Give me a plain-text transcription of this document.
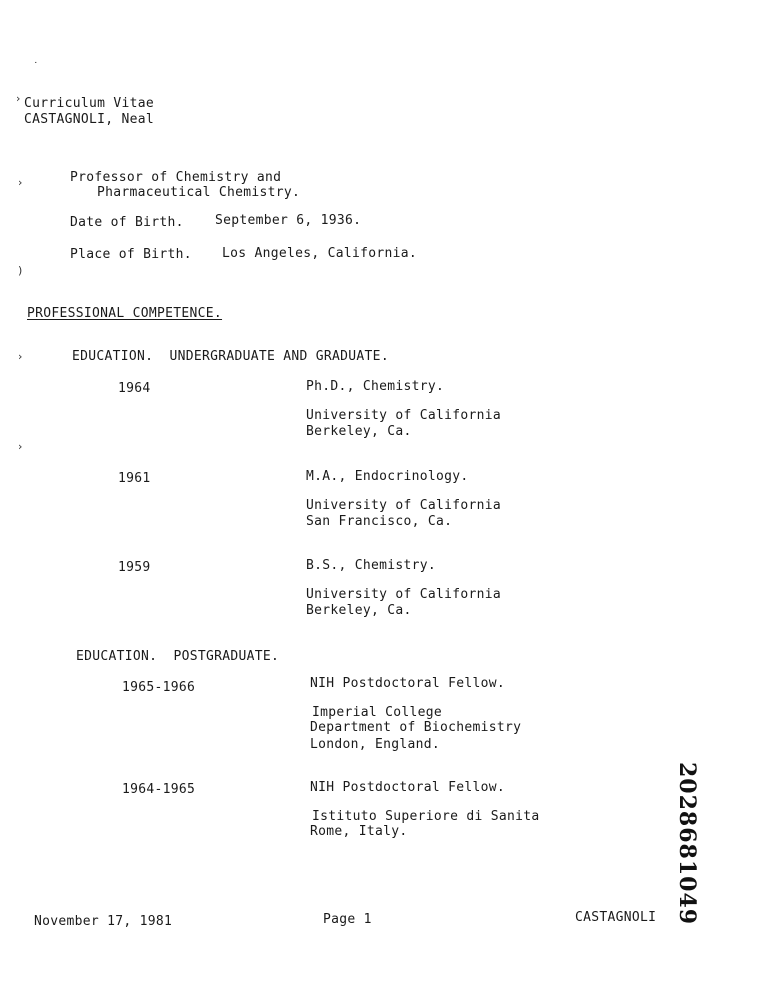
˙
›
›
)
›
›
Curriculum Vitae
CASTAGNOLI, Neal
Professor of Chemistry and
Pharmaceutical Chemistry.
Date of Birth. September 6, 1936.
Place of Birth. Los Angeles, California.
PROFESSIONAL COMPETENCE.
EDUCATION.  UNDERGRADUATE AND GRADUATE.
1964	Ph.D., Chemistry.
University of California
Berkeley, Ca.
1961	M.A., Endocrinology.
University of California
San Francisco, Ca.
1959	B.S., Chemistry.
University of California
Berkeley, Ca.
EDUCATION.  POSTGRADUATE.
1965-1966	NIH Postdoctoral Fellow.
Imperial College
Department of Biochemistry
London, England.
1964-1965	NIH Postdoctoral Fellow.
Istituto Superiore di Sanita
Rome, Italy.	2028681049
November 17, 1981	Page 1	CASTAGNOLI
